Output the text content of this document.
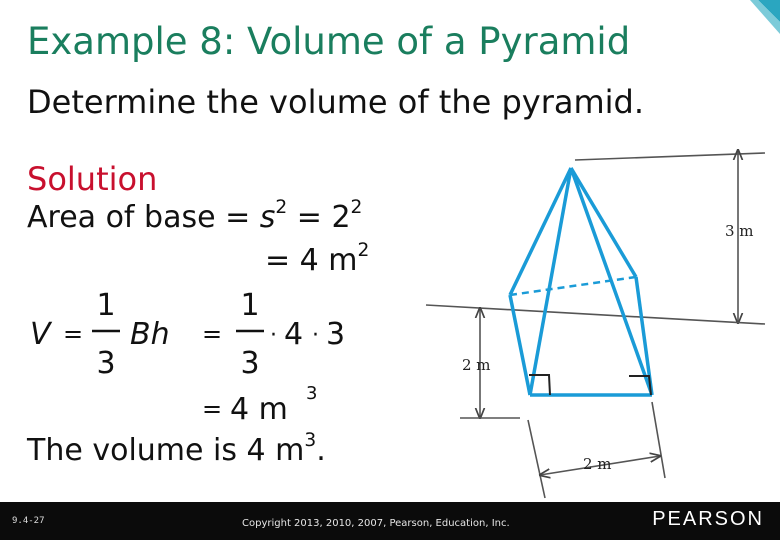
Example 8: Volume of a Pyramid
Determine the volume of the pyramid.
Solution
Area of base = $s^2 = 2^2$
= 4 $m^2$
V =
1
3
Bh =
1
3
· 4 · 3
= 4 m 3
The volume is 4 $m^3$.
3 m
2 m
2 m
9.4-27	Copyright 2013, 2010, 2007, Pearson, Education, Inc.	PEARSON
